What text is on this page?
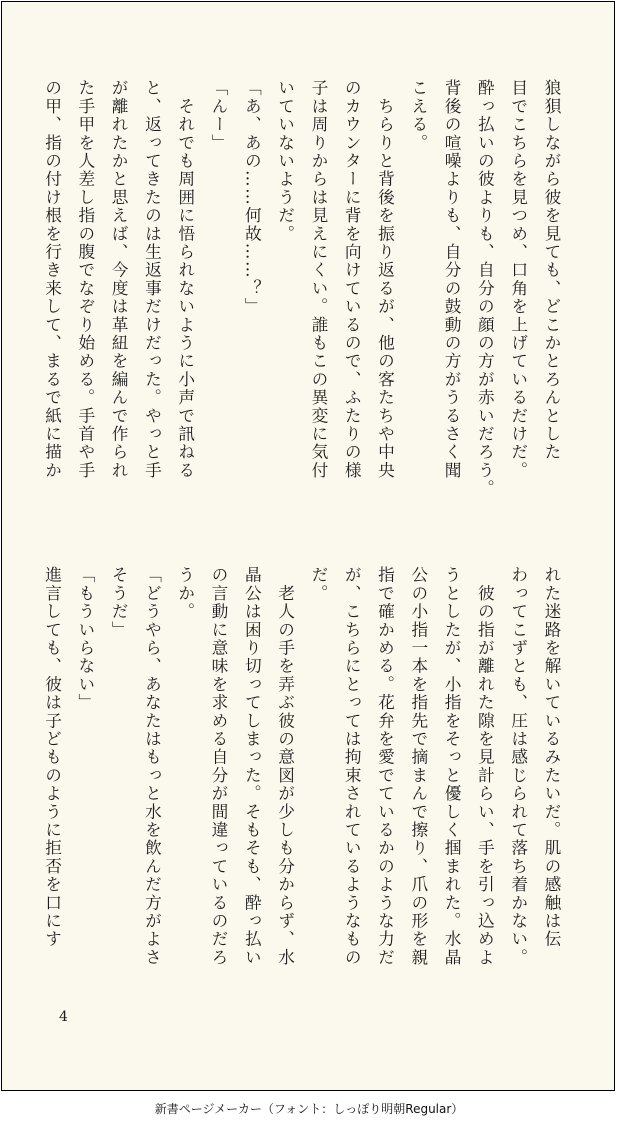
狼狽しながら彼を見ても、どこかとろんとした
目でこちらを見つめ、口角を上げているだけだ。
酔っ払いの彼よりも、自分の顔の方が赤いだろう。
背後の喧噪よりも、自分の鼓動の方がうるさく聞
こえる。
　ちらりと背後を振り返るが、他の客たちや中央
のカウンターに背を向けているので、ふたりの様
子は周りからは見えにくい。誰もこの異変に気付
いていないようだ。
「あ、あの……何故……？」
「んー」
　それでも周囲に悟られないように小声で訊ねる
と、返ってきたのは生返事だけだった。やっと手
が離れたかと思えば、今度は革紐を編んで作られ
た手甲を人差し指の腹でなぞり始める。手首や手
の甲、指の付け根を行き来して、まるで紙に描か
れた迷路を解いているみたいだ。肌の感触は伝
わってこずとも、圧は感じられて落ち着かない。
　彼の指が離れた隙を見計らい、手を引っ込めよ
うとしたが、小指をそっと優しく掴まれた。水晶
公の小指一本を指先で摘まんで擦り、爪の形を親
指で確かめる。花弁を愛でているかのような力だ
が、こちらにとっては拘束されているようなもの
だ。
　老人の手を弄ぶ彼の意図が少しも分からず、水
晶公は困り切ってしまった。そもそも、酔っ払い
の言動に意味を求める自分が間違っているのだろ
うか。
「どうやら、あなたはもっと水を飲んだ方がよさ
そうだ」
「もういらない」
進言しても、彼は子どものように拒否を口にす
4
新書ページメーカー（フォント：しっぽり明朝Regular）
